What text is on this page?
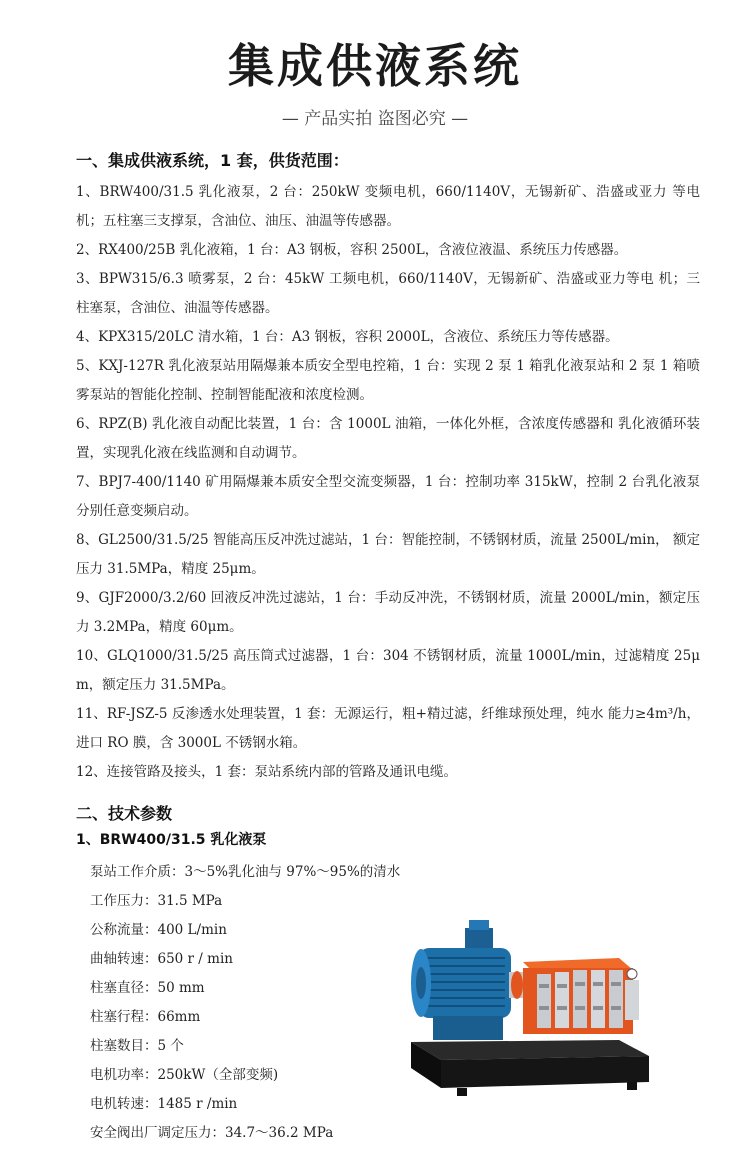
集成供液系统
— 产品实拍 盗图必究 —
一、集成供液系统，1 套，供货范围：

1、BRW400/31.5 乳化液泵，2 台：250kW 变频电机，660/1140V，无锡新矿、浩盛或亚力 等电机；五柱塞三支撑泵，含油位、油压、油温等传感器。

2、RX400/25B 乳化液箱，1 台：A3 钢板，容积 2500L，含液位液温、系统压力传感器。

3、BPW315/6.3 喷雾泵，2 台：45kW 工频电机，660/1140V，无锡新矿、浩盛或亚力等电 机；三柱塞泵，含油位、油温等传感器。

4、KPX315/20LC 清水箱，1 台：A3 钢板，容积 2000L，含液位、系统压力等传感器。

5、KXJ-127R 乳化液泵站用隔爆兼本质安全型电控箱，1 台：实现 2 泵 1 箱乳化液泵站和 2 泵 1 箱喷雾泵站的智能化控制、控制智能配液和浓度检测。

6、RPZ(B) 乳化液自动配比装置，1 台：含 1000L 油箱，一体化外框，含浓度传感器和 乳化液循环装置，实现乳化液在线监测和自动调节。

7、BPJ7-400/1140 矿用隔爆兼本质安全型交流变频器，1 台：控制功率 315kW，控制 2 台乳化液泵分别任意变频启动。

8、GL2500/31.5/25 智能高压反冲洗过滤站，1 台：智能控制，不锈钢材质，流量 2500L/min， 额定压力 31.5MPa，精度 25μm。

9、GJF2000/3.2/60 回液反冲洗过滤站，1 台：手动反冲洗，不锈钢材质，流量 2000L/min，额定压力 3.2MPa，精度 60μm。

10、GLQ1000/31.5/25 高压筒式过滤器，1 台：304 不锈钢材质，流量 1000L/min，过滤精度 25μm，额定压力 31.5MPa。

11、RF-JSZ-5 反渗透水处理装置，1 套：无源运行，粗+精过滤，纤维球预处理，纯水 能力≥4m³/h，进口 RO 膜，含 3000L 不锈钢水箱。

12、连接管路及接头，1 套：泵站系统内部的管路及通讯电缆。

二、技术参数
1、BRW400/31.5 乳化液泵
泵站工作介质：3～5%乳化油与 97%～95%的清水
工作压力：31.5 MPa
公称流量：400 L/min
曲轴转速：650 r / min
柱塞直径：50 mm
柱塞行程：66mm
柱塞数目：5 个
电机功率：250kW（全部变频)
电机转速：1485 r /min
安全阀出厂调定压力：34.7～36.2 MPa
